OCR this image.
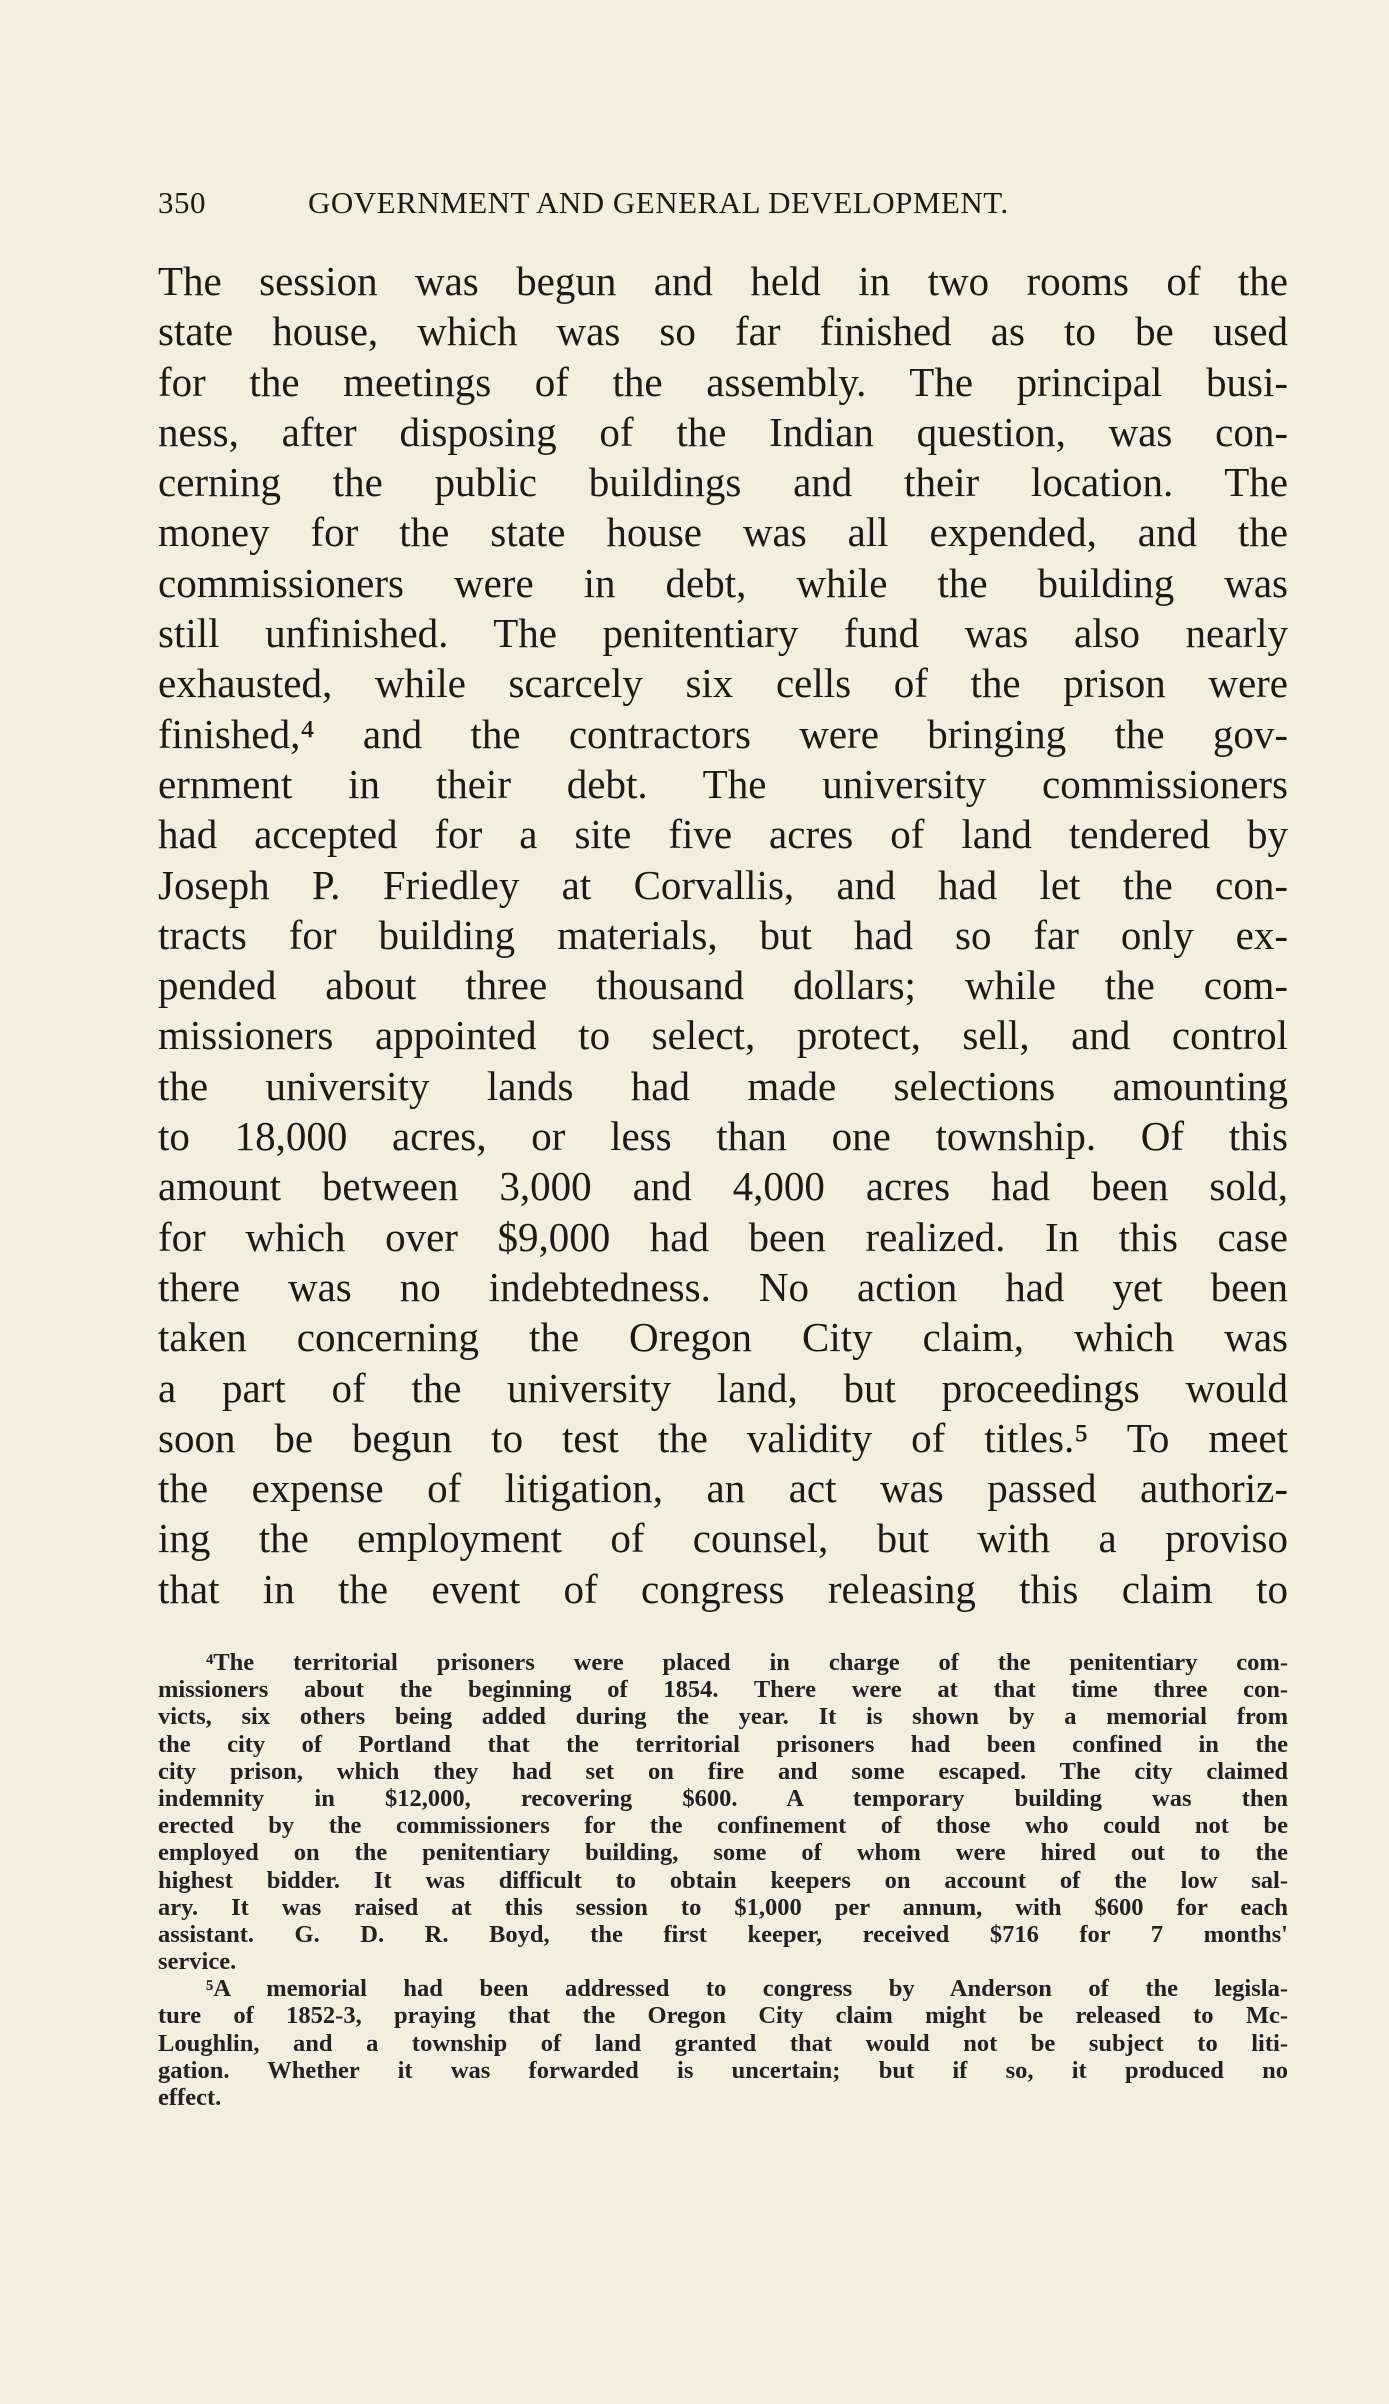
350	GOVERNMENT AND GENERAL DEVELOPMENT.
The session was begun and held in two rooms of the
state house, which was so far finished as to be used
for the meetings of the assembly. The principal busi-
ness, after disposing of the Indian question, was con-
cerning the public buildings and their location. The
money for the state house was all expended, and the
commissioners were in debt, while the building was
still unfinished. The penitentiary fund was also nearly
exhausted, while scarcely six cells of the prison were
finished,⁴ and the contractors were bringing the gov-
ernment in their debt. The university commissioners
had accepted for a site five acres of land tendered by
Joseph P. Friedley at Corvallis, and had let the con-
tracts for building materials, but had so far only ex-
pended about three thousand dollars; while the com-
missioners appointed to select, protect, sell, and control
the university lands had made selections amounting
to 18,000 acres, or less than one township. Of this
amount between 3,000 and 4,000 acres had been sold,
for which over $9,000 had been realized. In this case
there was no indebtedness. No action had yet been
taken concerning the Oregon City claim, which was
a part of the university land, but proceedings would
soon be begun to test the validity of titles.⁵ To meet
the expense of litigation, an act was passed authoriz-
ing the employment of counsel, but with a proviso
that in the event of congress releasing this claim to
⁴The territorial prisoners were placed in charge of the penitentiary com-
missioners about the beginning of 1854. There were at that time three con-
victs, six others being added during the year. It is shown by a memorial from
the city of Portland that the territorial prisoners had been confined in the
city prison, which they had set on fire and some escaped. The city claimed
indemnity in $12,000, recovering $600. A temporary building was then
erected by the commissioners for the confinement of those who could not be
employed on the penitentiary building, some of whom were hired out to the
highest bidder. It was difficult to obtain keepers on account of the low sal-
ary. It was raised at this session to $1,000 per annum, with $600 for each
assistant. G. D. R. Boyd, the first keeper, received $716 for 7 months'
service.
⁵A memorial had been addressed to congress by Anderson of the legisla-
ture of 1852-3, praying that the Oregon City claim might be released to Mc-
Loughlin, and a township of land granted that would not be subject to liti-
gation. Whether it was forwarded is uncertain; but if so, it produced no
effect.
